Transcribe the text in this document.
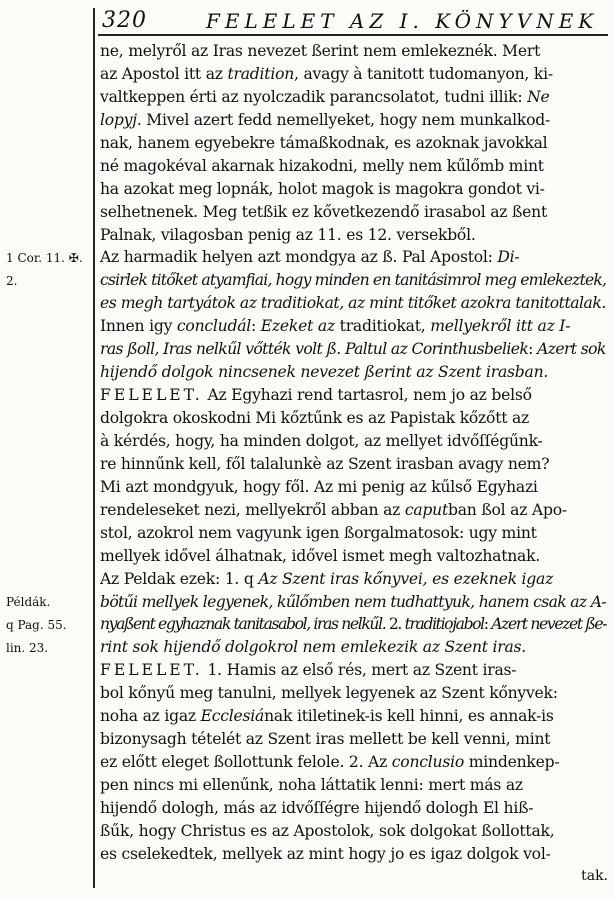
320	FELELET AZ I. KÖNYVNEK
1 Cor. 11. ✠.
2.
Példák.
q Pag. 55.
lin. 23.
ne, melyről az Iras nevezet ßerint nem emlekeznék. Mert
az Apostol itt az tradition, avagy à tanitott tudomanyon, ki-
valtkeppen érti az nyolczadik parancsolatot, tudni illik: Ne
lopyj. Mivel azert fedd nemellyeket, hogy nem munkalkod-
nak, hanem egyebekre támaßkodnak, es azoknak javokkal
né magokéval akarnak hizakodni, melly nem kűlőmb mint
ha azokat meg lopnák, holot magok is magokra gondot vi-
selhetnenek. Meg tetßik ez kővetkezendő irasabol az ßent
Palnak, vilagosban penig az 11. es 12. versekből.
Az harmadik helyen azt mondgya az ß. Pal Apostol: Di-
csirlek titőket atyamfiai, hogy minden en tanitásimrol meg emlekeztek,
es megh tartyátok az traditiokat, az mint titőket azokra tanitottalak.
Innen igy concludál: Ezeket az traditiokat, mellyekről itt az I-
ras ßoll, Iras nelkűl vőtték volt ß. Paltul az Corinthusbeliek: Azert sok
hijendő dolgok nincsenek nevezet ßerint az Szent irasban.
FELELET. Az Egyhazi rend tartasrol, nem jo az belső
dolgokra okoskodni Mi kőztűnk es az Papistak kőzőtt az
à kérdés, hogy, ha minden dolgot, az mellyet idvőſſégűnk-
re hinnűnk kell, fől talalunkè az Szent irasban avagy nem?
Mi azt mondgyuk, hogy fől. Az mi penig az kűlső Egyhazi
rendeleseket nezi, mellyekről abban az caputban ßol az Apo-
stol, azokrol nem vagyunk igen ßorgalmatosok: ugy mint
mellyek idővel álhatnak, idővel ismet megh valtozhatnak.
Az Peldak ezek: 1. q Az Szent iras kőnyvei, es ezeknek igaz
bötűi mellyek legyenek, kűlőmben nem tudhattyuk, hanem csak az A-
nyaßent egyhaznak tanitasabol, iras nelkűl. 2. traditiojabol: Azert nevezet ße-
rint sok hijendő dolgokrol nem emlekezik az Szent iras.
FELELET. 1. Hamis az első rés, mert az Szent iras-
bol kőnyű meg tanulni, mellyek legyenek az Szent kőnyvek:
noha az igaz Ecclesiának itiletinek-is kell hinni, es annak-is
bizonysagh tételét az Szent iras mellett be kell venni, mint
ez előtt eleget ßollottunk felole. 2. Az conclusio mindenkep-
pen nincs mi ellenűnk, noha láttatik lenni: mert más az
hijendő dologh, más az idvőſſégre hijendő dologh El hiß-
ßűk, hogy Christus es az Apostolok, sok dolgokat ßollottak,
es cselekedtek, mellyek az mint hogy jo es igaz dolgok vol-
tak.
